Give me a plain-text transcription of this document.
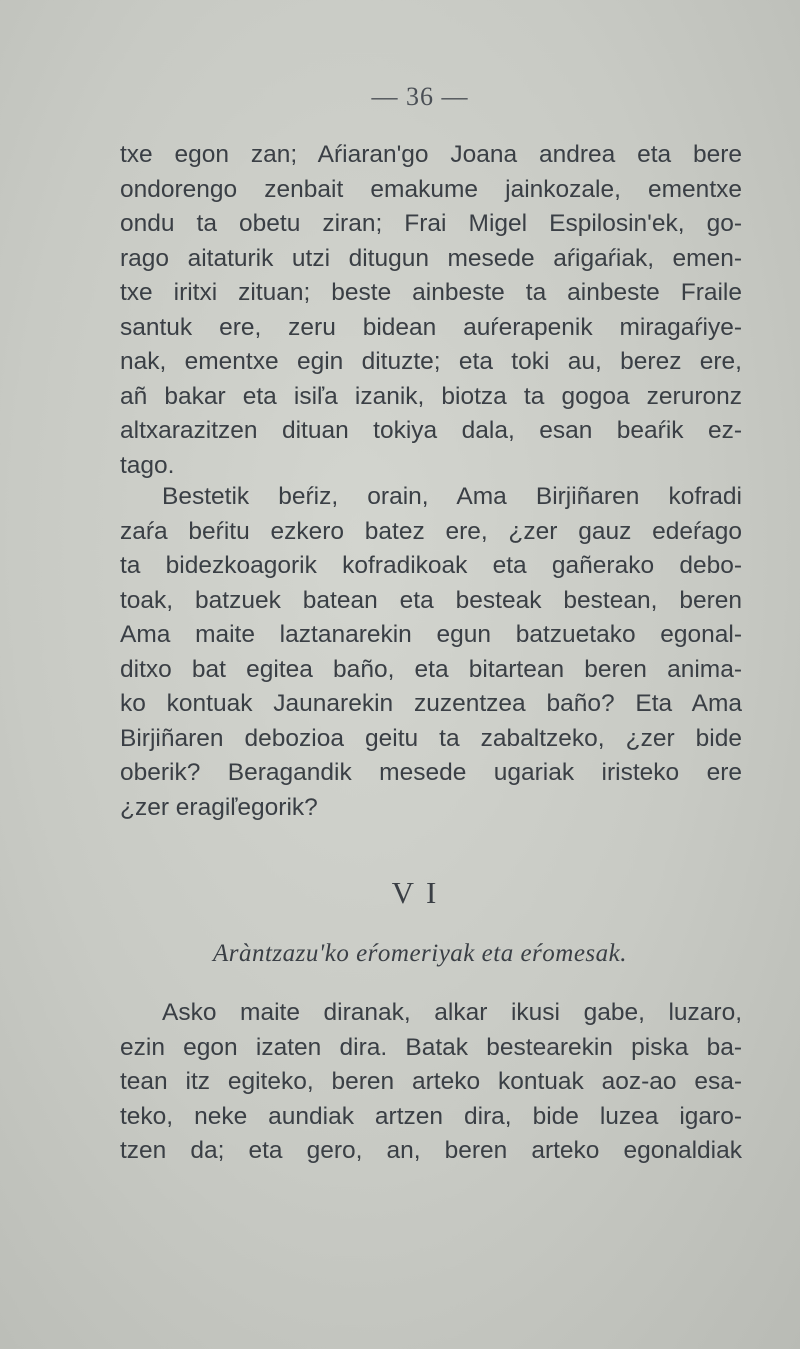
— 36 —
txe egon zan; Aŕiaran'go Joana andrea eta bere
ondorengo zenbait emakume jainkozale, ementxe
ondu ta obetu ziran; Frai Migel Espilosin'ek, go-
rago aitaturik utzi ditugun mesede aŕigaŕiak, emen-
txe iritxi zituan; beste ainbeste ta ainbeste Fraile
santuk ere, zeru bidean auŕerapenik miragaŕiye-
nak, ementxe egin dituzte; eta toki au, berez ere,
añ bakar eta isiľa izanik, biotza ta gogoa zeruronz
altxarazitzen dituan tokiya dala, esan beaŕik ez-
tago.
Bestetik beŕiz, orain, Ama Birjiñaren kofradi
zaŕa beŕitu ezkero batez ere, ¿zer gauz edeŕago
ta bidezkoagorik kofradikoak eta gañerako debo-
toak, batzuek batean eta besteak bestean, beren
Ama maite laztanarekin egun batzuetako egonal-
ditxo bat egitea baño, eta bitartean beren anima-
ko kontuak Jaunarekin zuzentzea baño? Eta Ama
Birjiñaren debozioa geitu ta zabaltzeko, ¿zer bide
oberik? Beragandik mesede ugariak iristeko ere
¿zer eragiľegorik?
VI
Aràntzazu'ko eŕomeriyak eta eŕomesak.
Asko maite diranak, alkar ikusi gabe, luzaro,
ezin egon izaten dira. Batak bestearekin piska ba-
tean itz egiteko, beren arteko kontuak aoz-ao esa-
teko, neke aundiak artzen dira, bide luzea igaro-
tzen da; eta gero, an, beren arteko egonaldiak
